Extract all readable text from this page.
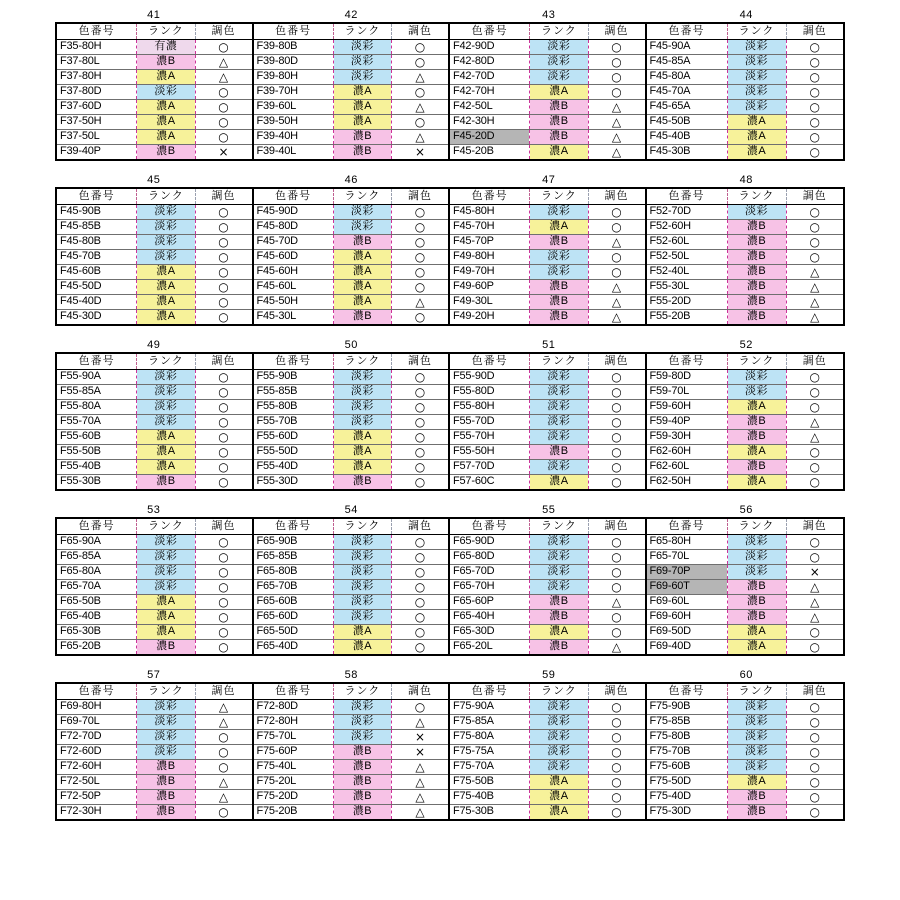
41	42	43	44
色番号	ランク	調色
F35-80H	有濃	○
F37-80L	濃B	△
F37-80H	濃A	△
F37-80D	淡彩	○
F37-60D	濃A	○
F37-50H	濃A	○
F37-50L	濃A	○
F39-40P	濃B	×
色番号	ランク	調色
F39-80B	淡彩	○
F39-80D	淡彩	○
F39-80H	淡彩	△
F39-70H	濃A	○
F39-60L	濃A	△
F39-50H	濃A	○
F39-40H	濃B	△
F39-40L	濃B	×
色番号	ランク	調色
F42-90D	淡彩	○
F42-80D	淡彩	○
F42-70D	淡彩	○
F42-70H	濃A	○
F42-50L	濃B	△
F42-30H	濃B	△
F45-20D	濃B	△
F45-20B	濃A	△
色番号	ランク	調色
F45-90A	淡彩	○
F45-85A	淡彩	○
F45-80A	淡彩	○
F45-70A	淡彩	○
F45-65A	淡彩	○
F45-50B	濃A	○
F45-40B	濃A	○
F45-30B	濃A	○
45	46	47	48
色番号	ランク	調色
F45-90B	淡彩	○
F45-85B	淡彩	○
F45-80B	淡彩	○
F45-70B	淡彩	○
F45-60B	濃A	○
F45-50D	濃A	○
F45-40D	濃A	○
F45-30D	濃A	○
色番号	ランク	調色
F45-90D	淡彩	○
F45-80D	淡彩	○
F45-70D	濃B	○
F45-60D	濃A	○
F45-60H	濃A	○
F45-60L	濃A	○
F45-50H	濃A	△
F45-30L	濃B	○
色番号	ランク	調色
F45-80H	淡彩	○
F45-70H	濃A	○
F45-70P	濃B	△
F49-80H	淡彩	○
F49-70H	淡彩	○
F49-60P	濃B	△
F49-30L	濃B	△
F49-20H	濃B	△
色番号	ランク	調色
F52-70D	淡彩	○
F52-60H	濃B	○
F52-60L	濃B	○
F52-50L	濃B	○
F52-40L	濃B	△
F55-30L	濃B	△
F55-20D	濃B	△
F55-20B	濃B	△
49	50	51	52
色番号	ランク	調色
F55-90A	淡彩	○
F55-85A	淡彩	○
F55-80A	淡彩	○
F55-70A	淡彩	○
F55-60B	濃A	○
F55-50B	濃A	○
F55-40B	濃A	○
F55-30B	濃B	○
色番号	ランク	調色
F55-90B	淡彩	○
F55-85B	淡彩	○
F55-80B	淡彩	○
F55-70B	淡彩	○
F55-60D	濃A	○
F55-50D	濃A	○
F55-40D	濃A	○
F55-30D	濃B	○
色番号	ランク	調色
F55-90D	淡彩	○
F55-80D	淡彩	○
F55-80H	淡彩	○
F55-70D	淡彩	○
F55-70H	淡彩	○
F55-50H	濃B	○
F57-70D	淡彩	○
F57-60C	濃A	○
色番号	ランク	調色
F59-80D	淡彩	○
F59-70L	淡彩	○
F59-60H	濃A	○
F59-40P	濃B	△
F59-30H	濃B	△
F62-60H	濃A	○
F62-60L	濃B	○
F62-50H	濃A	○
53	54	55	56
色番号	ランク	調色
F65-90A	淡彩	○
F65-85A	淡彩	○
F65-80A	淡彩	○
F65-70A	淡彩	○
F65-50B	濃A	○
F65-40B	濃A	○
F65-30B	濃A	○
F65-20B	濃B	○
色番号	ランク	調色
F65-90B	淡彩	○
F65-85B	淡彩	○
F65-80B	淡彩	○
F65-70B	淡彩	○
F65-60B	淡彩	○
F65-60D	淡彩	○
F65-50D	濃A	○
F65-40D	濃A	○
色番号	ランク	調色
F65-90D	淡彩	○
F65-80D	淡彩	○
F65-70D	淡彩	○
F65-70H	淡彩	○
F65-60P	濃B	△
F65-40H	濃B	○
F65-30D	濃A	○
F65-20L	濃B	△
色番号	ランク	調色
F65-80H	淡彩	○
F65-70L	淡彩	○
F69-70P	淡彩	×
F69-60T	濃B	△
F69-60L	濃B	△
F69-60H	濃B	△
F69-50D	濃A	○
F69-40D	濃A	○
57	58	59	60
色番号	ランク	調色
F69-80H	淡彩	△
F69-70L	淡彩	△
F72-70D	淡彩	○
F72-60D	淡彩	○
F72-60H	濃B	○
F72-50L	濃B	△
F72-50P	濃B	△
F72-30H	濃B	○
色番号	ランク	調色
F72-80D	淡彩	○
F72-80H	淡彩	△
F75-70L	淡彩	×
F75-60P	濃B	×
F75-40L	濃B	△
F75-20L	濃B	△
F75-20D	濃B	△
F75-20B	濃B	△
色番号	ランク	調色
F75-90A	淡彩	○
F75-85A	淡彩	○
F75-80A	淡彩	○
F75-75A	淡彩	○
F75-70A	淡彩	○
F75-50B	濃A	○
F75-40B	濃A	○
F75-30B	濃A	○
色番号	ランク	調色
F75-90B	淡彩	○
F75-85B	淡彩	○
F75-80B	淡彩	○
F75-70B	淡彩	○
F75-60B	淡彩	○
F75-50D	濃A	○
F75-40D	濃B	○
F75-30D	濃B	○
